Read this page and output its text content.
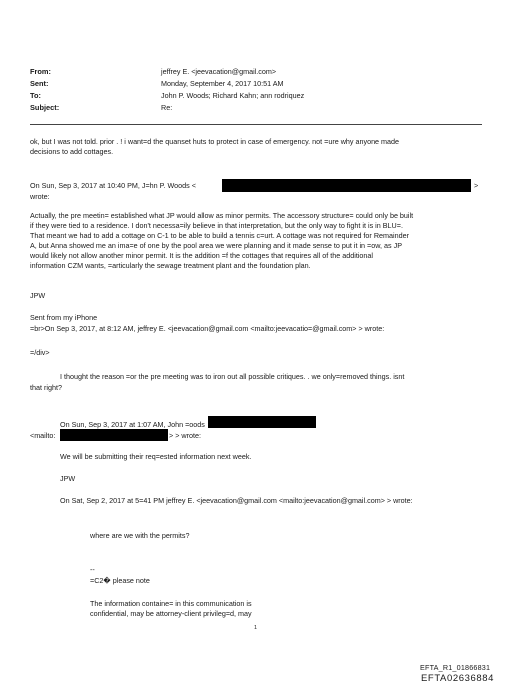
From:
Sent:
To:
Subject:
jeffrey E. <jeevacation@gmail.com>
Monday, September 4, 2017 10:51 AM
John P. Woods; Richard Kahn; ann rodriquez
Re:
ok, but I was not told. prior . ! i want=d the quanset huts to protect in case of emergency. not =ure why anyone made
decisions to add cottages.
On Sun, Sep 3, 2017 at 10:40 PM, J=hn P. Woods <	>
wrote:
Actually, the pre meetin= established what JP would allow as minor permits. The accessory structure= could only be built
if they were tied to a residence. I don't necessa=ily believe in that interpretation, but the only way to fight it is in BLU=.
That meant we had to add a cottage on C-1 to be able to build a tennis c=urt. A cottage was not required for Remainder
A, but Anna showed me an ima=e of one by the pool area we were planning and it made sense to put it in =ow, as JP
would likely not allow another minor permit. It is the addition =f the cottages that requires all of the additional
information CZM wants, =articularly the sewage treatment plant and the foundation plan.
JPW
Sent from my iPhone
=br>On Sep 3, 2017, at 8:12 AM, jeffrey E. <jeevacation@gmail.com <mailto:jeevacatio=@gmail.com> > wrote:
=/div>
I thought the reason =or the pre meeting was to iron out all possible critiques. . we only=removed things. isnt
that right?
On Sun, Sep 3, 2017 at 1:07 AM, John =oods
<mailto:	> > wrote:
We will be submitting their req=ested information next week.
JPW
On Sat, Sep 2, 2017 at 5=41 PM jeffrey E. <jeevacation@gmail.com <mailto:jeevacation@gmail.com> > wrote:
where are we with the permits?
--
=C2� please note
The information containe= in this communication is
confidential, may be attorney-client privileg=d, may
1
EFTA_R1_01866831
EFTA02636884
